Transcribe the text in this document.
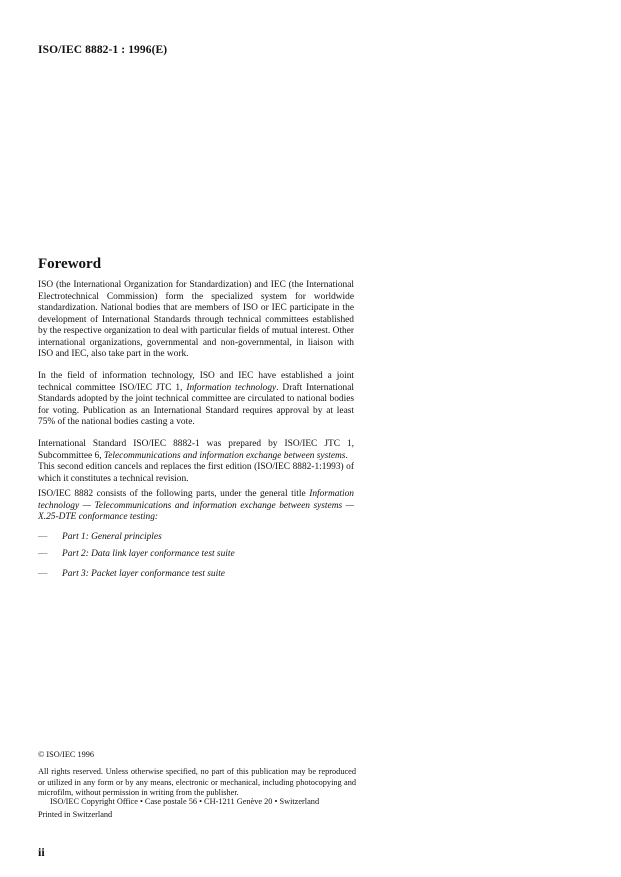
ISO/IEC 8882-1 : 1996(E)
Foreword

ISO (the International Organization for Standardization) and IEC (the International Electrotechnical Commission) form the specialized system for worldwide standardization. National bodies that are members of ISO or IEC participate in the development of International Standards through technical committees established by the respective organization to deal with particular fields of mutual interest. Other international organizations, governmental and non-governmental, in liaison with ISO and IEC, also take part in the work.

In the field of information technology, ISO and IEC have established a joint technical committee ISO/IEC JTC 1, Information technology. Draft International Standards adopted by the joint technical committee are circulated to national bodies for voting. Publication as an International Standard requires approval by at least 75% of the national bodies casting a vote.

International Standard ISO/IEC 8882-1 was prepared by ISO/IEC JTC 1, Subcommittee 6, Telecommunications and information exchange between systems.

This second edition cancels and replaces the first edition (ISO/IEC 8882-1:1993) of which it constitutes a technical revision.

ISO/IEC 8882 consists of the following parts, under the general title Information technology — Telecommunications and information exchange between systems — X.25-DTE conformance testing:

— Part 1: General principles
— Part 2: Data link layer conformance test suite
— Part 3: Packet layer conformance test suite
© ISO/IEC 1996
All rights reserved. Unless otherwise specified, no part of this publication may be reproduced or utilized in any form or by any means, electronic or mechanical, including photocopying and microfilm, without permission in writing from the publisher.
ISO/IEC Copyright Office • Case postale 56 • CH-1211 Genève 20 • Switzerland
Printed in Switzerland
ii
